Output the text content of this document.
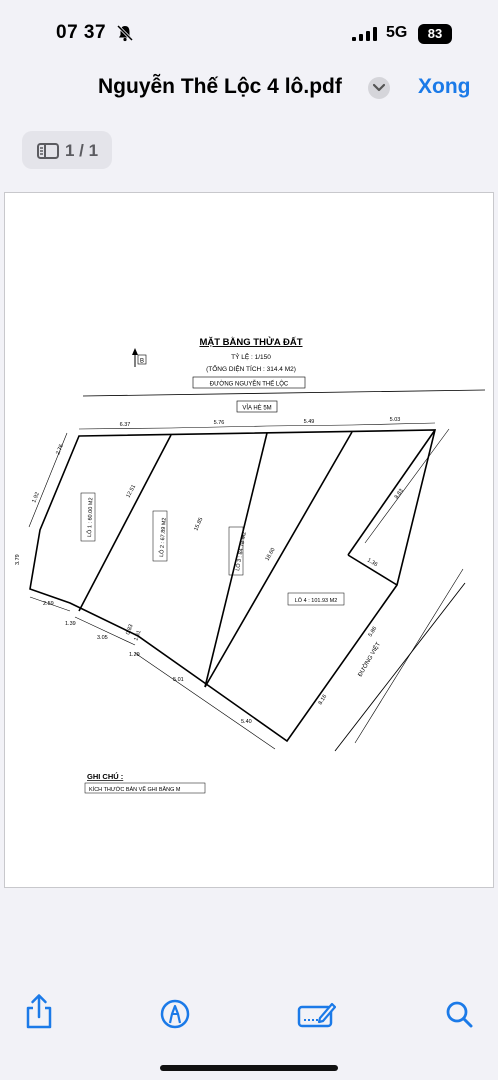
07 37	5G	83
Nguyễn Thế Lộc 4 lô.pdf	Xong
1 / 1
MẶT BẰNG THỬA ĐẤT
TỶ LỆ : 1/150
(TỔNG DIỆN TÍCH : 314.4 M2)
B
ĐƯỜNG NGUYỄN THẾ LỘC
VỈA HÈ 5M
6.37	5.76	5.49	5.03
2.76
1.92
3.79
2.59
1.39
3.05
1.29
5.01
5.40
12.51
15.85
18.60
8.83
1.36
5.86
8.16
0.83
1.61
LÔ 1 : 60.00 M2
LÔ 2 : 67.89 M2	LÔ 3 : 84.78 M2
LÔ 4 : 101.93 M2
ĐƯỜNG VIỆT
GHI CHÚ :
KÍCH THƯỚC BẢN VẼ GHI BẰNG M
